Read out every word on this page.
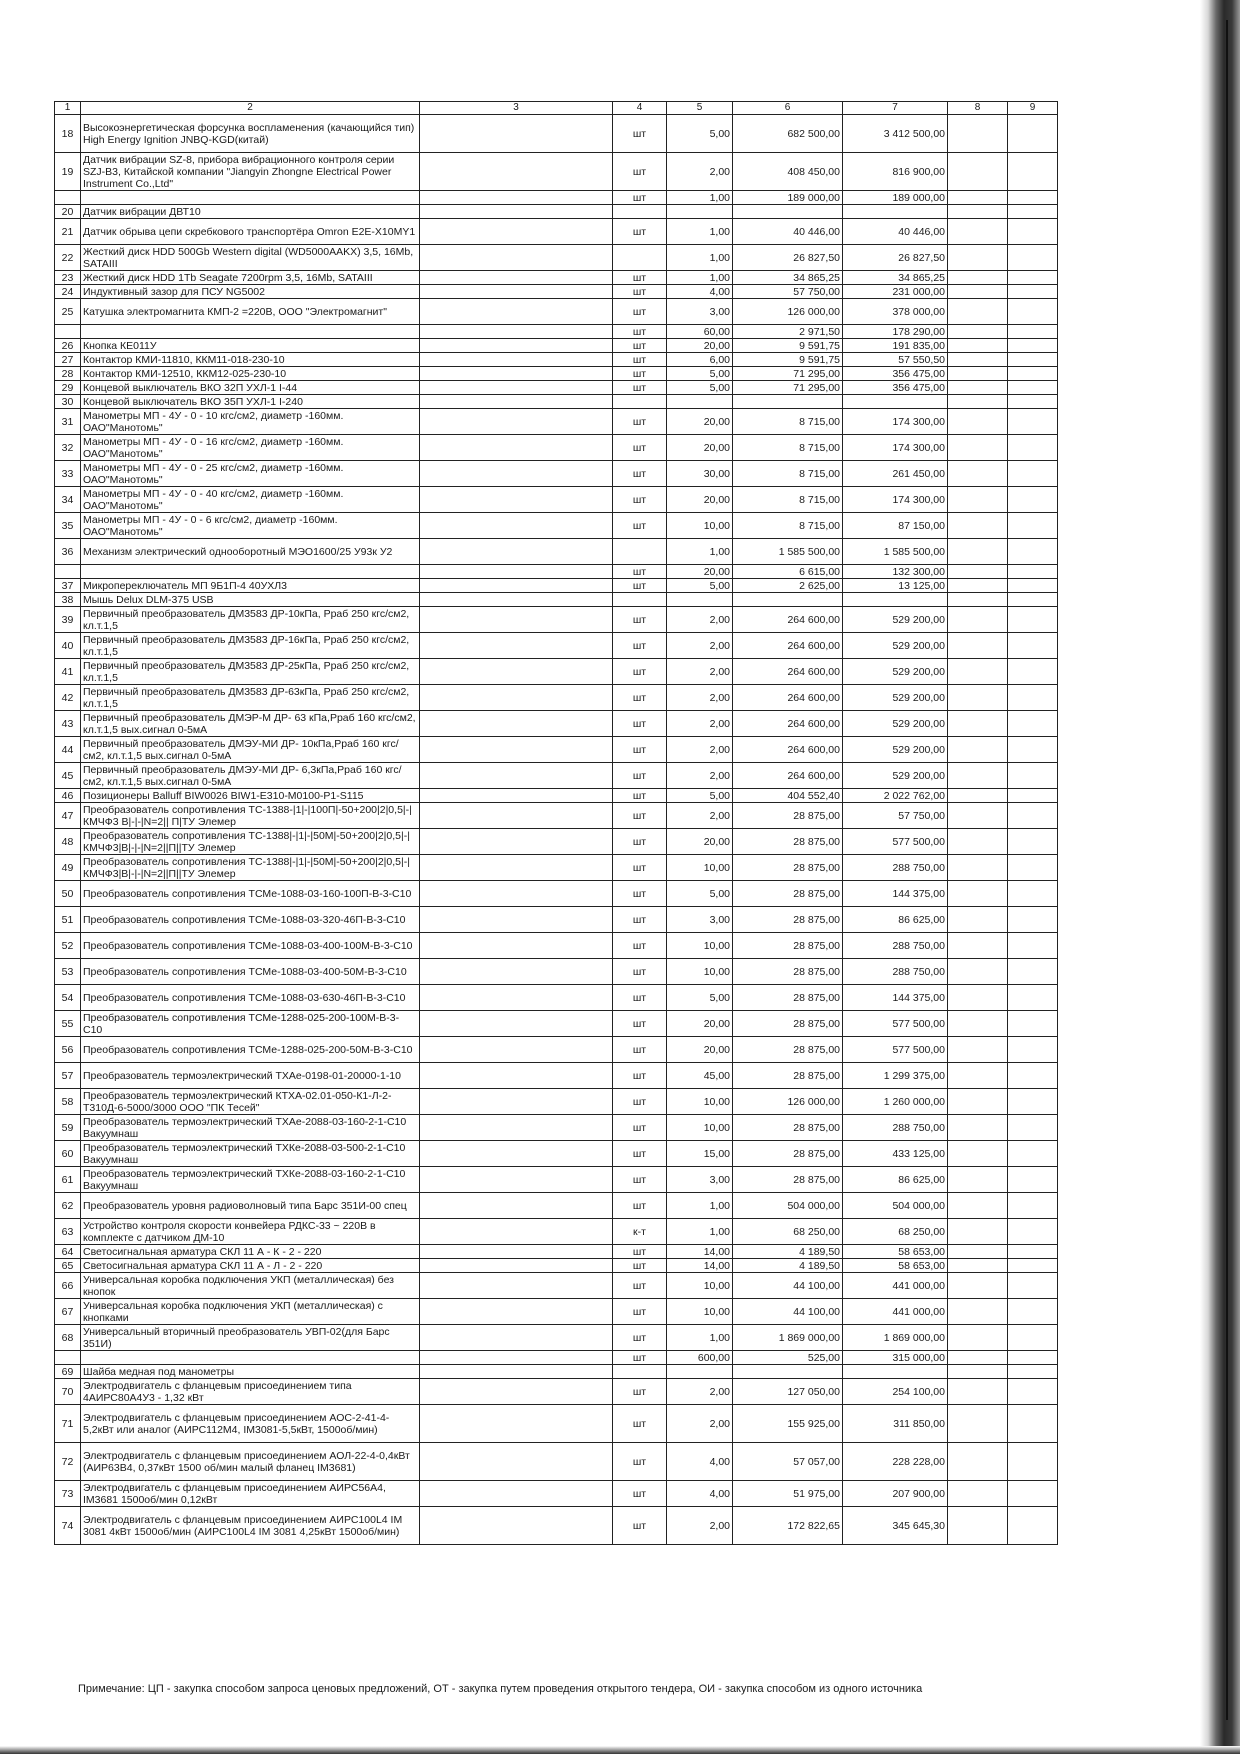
1	2	3	4	5	6	7	8	9
18	Высокоэнергетическая форсунка воспламенения (качающийся тип) High Energy Ignition JNBQ-KGD(китай)		шт	5,00	682 500,00	3 412 500,00		
19	Датчик вибрации SZ-8, прибора вибрационного контроля серии SZJ-B3, Китайской компании "Jiangyin Zhongne Electrical Power Instrument Co.,Ltd"		шт	2,00	408 450,00	816 900,00		
			шт	1,00	189 000,00	189 000,00		
20	Датчик вибрации ДВТ10							
21	Датчик обрыва цепи скребкового транспортёра Omron E2E-X10MY1		шт	1,00	40 446,00	40 446,00		
22	Жесткий диск HDD 500Gb Western digital (WD5000AAKX) 3,5, 16Mb, SATAIII			1,00	26 827,50	26 827,50		
23	Жесткий диск HDD 1Tb Seagate 7200rpm 3,5, 16Mb, SATAIII		шт	1,00	34 865,25	34 865,25		
24	Индуктивный зазор для ПСУ NG5002		шт	4,00	57 750,00	231 000,00		
25	Катушка электромагнита КМП-2 =220В, ООО "Электромагнит"		шт	3,00	126 000,00	378 000,00		
			шт	60,00	2 971,50	178 290,00		
26	Кнопка КЕ011У		шт	20,00	9 591,75	191 835,00		
27	Контактор КМИ-11810, ККМ11-018-230-10		шт	6,00	9 591,75	57 550,50		
28	Контактор КМИ-12510, ККМ12-025-230-10		шт	5,00	71 295,00	356 475,00		
29	Концевой выключатель ВКО 32П УХЛ-1 I-44		шт	5,00	71 295,00	356 475,00		
30	Концевой выключатель ВКО 35П УХЛ-1 I-240							
31	Манометры МП - 4У - 0 - 10 кгс/см2, диаметр -160мм. ОАО"Манотомь"		шт	20,00	8 715,00	174 300,00		
32	Манометры МП - 4У - 0 - 16 кгс/см2, диаметр -160мм. ОАО"Манотомь"		шт	20,00	8 715,00	174 300,00		
33	Манометры МП - 4У - 0 - 25 кгс/см2, диаметр -160мм. ОАО"Манотомь"		шт	30,00	8 715,00	261 450,00		
34	Манометры МП - 4У - 0 - 40 кгс/см2, диаметр -160мм. ОАО"Манотомь"		шт	20,00	8 715,00	174 300,00		
35	Манометры МП - 4У - 0 - 6 кгс/см2, диаметр -160мм. ОАО"Манотомь"		шт	10,00	8 715,00	87 150,00		
36	Механизм электрический однооборотный МЭО1600/25 У93к У2			1,00	1 585 500,00	1 585 500,00		
			шт	20,00	6 615,00	132 300,00		
37	Микропереключатель МП 9Б1П-4 40УХЛ3		шт	5,00	2 625,00	13 125,00		
38	Мышь Delux DLM-375 USB							
39	Первичный преобразователь ДМ3583 ДР-10кПа, Рраб 250 кгс/см2, кл.т.1,5		шт	2,00	264 600,00	529 200,00		
40	Первичный преобразователь ДМ3583 ДР-16кПа, Рраб 250 кгс/см2, кл.т.1,5		шт	2,00	264 600,00	529 200,00		
41	Первичный преобразователь ДМ3583 ДР-25кПа, Рраб 250 кгс/см2, кл.т.1,5		шт	2,00	264 600,00	529 200,00		
42	Первичный преобразователь ДМ3583 ДР-63кПа, Рраб 250 кгс/см2, кл.т.1,5		шт	2,00	264 600,00	529 200,00		
43	Первичный преобразователь ДМЭР-М ДР- 63 кПа,Рраб 160 кгс/см2, кл.т.1,5 вых.сигнал 0-5мА		шт	2,00	264 600,00	529 200,00		
44	Первичный преобразователь ДМЭУ-МИ ДР- 10кПа,Рраб 160 кгс/см2, кл.т.1,5 вых.сигнал 0-5мА		шт	2,00	264 600,00	529 200,00		
45	Первичный преобразователь ДМЭУ-МИ ДР- 6,3кПа,Рраб 160 кгс/см2, кл.т.1,5 вых.сигнал 0-5мА		шт	2,00	264 600,00	529 200,00		
46	Позиционеры Balluff BIW0026 BIW1-E310-M0100-P1-S115		шт	5,00	404 552,40	2 022 762,00		
47	Преобразователь сопротивления ТС-1388-|1|-|100П|-50+200|2|0,5|-|КМЧФ3 В|-|-|N=2|| П|ТУ Элемер		шт	2,00	28 875,00	57 750,00		
48	Преобразователь сопротивления ТС-1388|-|1|-|50М|-50+200|2|0,5|-|КМЧФ3|В|-|-|N=2||П||ТУ Элемер		шт	20,00	28 875,00	577 500,00		
49	Преобразователь сопротивления ТС-1388|-|1|-|50М|-50+200|2|0,5|-|КМЧФ3|В|-|-|N=2||П||ТУ Элемер		шт	10,00	28 875,00	288 750,00		
50	Преобразователь сопротивления ТСМе-1088-03-160-100П-В-3-С10		шт	5,00	28 875,00	144 375,00		
51	Преобразователь сопротивления ТСМе-1088-03-320-46П-В-3-С10		шт	3,00	28 875,00	86 625,00		
52	Преобразователь сопротивления ТСМе-1088-03-400-100М-В-3-С10		шт	10,00	28 875,00	288 750,00		
53	Преобразователь сопротивления ТСМе-1088-03-400-50М-В-3-С10		шт	10,00	28 875,00	288 750,00		
54	Преобразователь сопротивления ТСМе-1088-03-630-46П-В-3-С10		шт	5,00	28 875,00	144 375,00		
55	Преобразователь сопротивления ТСМе-1288-025-200-100М-В-3-С10		шт	20,00	28 875,00	577 500,00		
56	Преобразователь сопротивления ТСМе-1288-025-200-50М-В-3-С10		шт	20,00	28 875,00	577 500,00		
57	Преобразователь термоэлектрический ТХАе-0198-01-20000-1-10		шт	45,00	28 875,00	1 299 375,00		
58	Преобразователь термоэлектрический КТХА-02.01-050-К1-Л-2-Т310Д-6-5000/3000 ООО "ПК Тесей"		шт	10,00	126 000,00	1 260 000,00		
59	Преобразователь термоэлектрический ТХАе-2088-03-160-2-1-С10 Вакуумнаш		шт	10,00	28 875,00	288 750,00		
60	Преобразователь термоэлектрический ТХКе-2088-03-500-2-1-С10 Вакуумнаш		шт	15,00	28 875,00	433 125,00		
61	Преобразователь термоэлектрический ТХКе-2088-03-160-2-1-С10 Вакуумнаш		шт	3,00	28 875,00	86 625,00		
62	Преобразователь уровня радиоволновый типа Барс 351И-00 спец		шт	1,00	504 000,00	504 000,00		
63	Устройство контроля скорости конвейера РДКС-33 ~ 220В в комплекте с датчиком ДМ-10		к-т	1,00	68 250,00	68 250,00		
64	Светосигнальная арматура СКЛ 11 А - К - 2 - 220		шт	14,00	4 189,50	58 653,00		
65	Светосигнальная арматура СКЛ 11 А - Л - 2 - 220		шт	14,00	4 189,50	58 653,00		
66	Универсальная коробка подключения УКП (металлическая) без кнопок		шт	10,00	44 100,00	441 000,00		
67	Универсальная коробка подключения УКП (металлическая) с кнопками		шт	10,00	44 100,00	441 000,00		
68	Универсальный вторичный преобразователь УВП-02(для Барс 351И)		шт	1,00	1 869 000,00	1 869 000,00		
			шт	600,00	525,00	315 000,00		
69	Шайба медная под манометры							
70	Электродвигатель с фланцевым присоединением типа 4АИРС80А4У3 - 1,32 кВт		шт	2,00	127 050,00	254 100,00		
71	Электродвигатель с фланцевым присоединением АОС-2-41-4-5,2кВт или аналог (АИРС112М4, IM3081-5,5кВт, 1500об/мин)		шт	2,00	155 925,00	311 850,00		
72	Электродвигатель с фланцевым присоединением АОЛ-22-4-0,4кВт (АИР63В4, 0,37кВт 1500 об/мин малый фланец IM3681)		шт	4,00	57 057,00	228 228,00		
73	Электродвигатель с фланцевым присоединением АИРС56А4, IM3681 1500об/мин 0,12кВт		шт	4,00	51 975,00	207 900,00		
74	Электродвигатель с фланцевым присоединением АИРС100L4 IM 3081 4кВт 1500об/мин (АИРС100L4 IM 3081 4,25кВт 1500об/мин)		шт	2,00	172 822,65	345 645,30		
Примечание: ЦП - закупка способом запроса ценовых предложений, ОТ - закупка путем проведения открытого тендера, ОИ - закупка способом из одного источника
